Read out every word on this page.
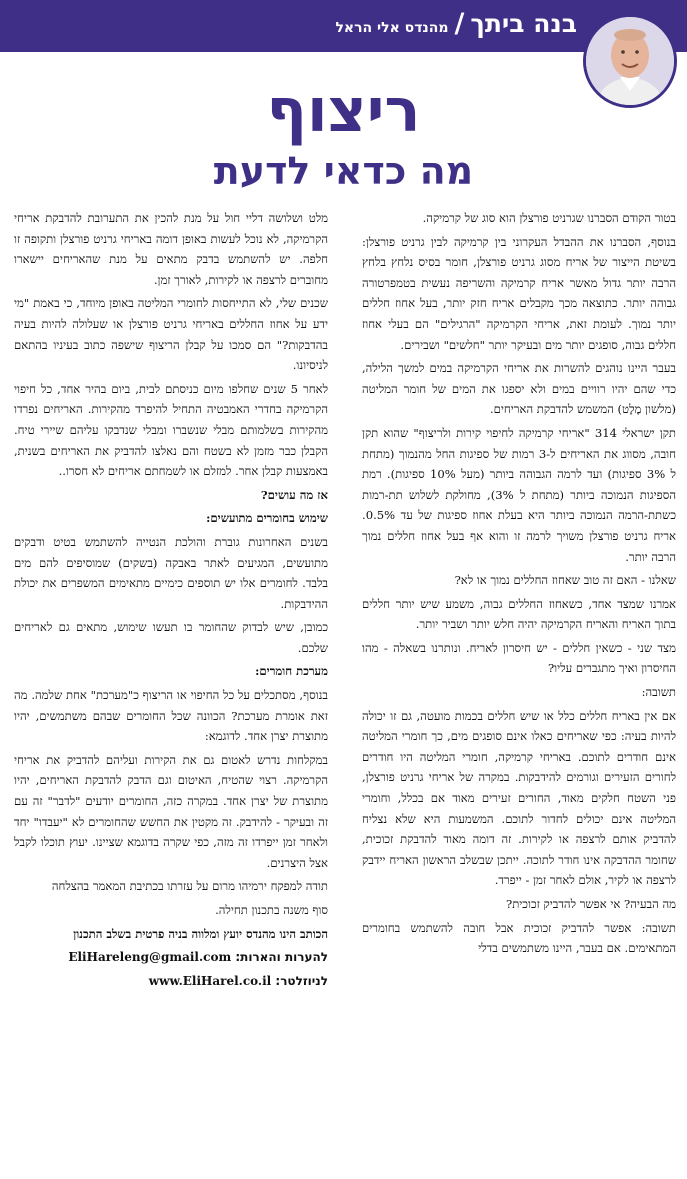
בנה ביתך/מהנדס אלי הראל
ריצוף
מה כדאי לדעת

בטור הקודם הסברנו שגרניט פורצלן הוא סוג של קרמיקה.

בנוסף, הסברנו את ההבדל העקרוני בין קרמיקה לבין גרניט פורצלן: בשיטת הייצור של אריח מסוג גרניט פורצלן, חומר בסיס נלחץ בלחץ הרבה יותר גדול מאשר אריח קרמיקה והשריפה נעשית בטמפרטורה גבוהה יותר. כתוצאה מכך מקבלים אריח חזק יותר, בעל אחוז חללים יותר נמוך. לעומת זאת, אריחי הקרמיקה "הרגילים" הם בעלי אחוז חללים גבוה, סופגים יותר מים ובעיקר יותר "חלשים" ושבירים.

בעבר היינו נוהגים להשרות את אריחי הקרמיקה במים למשך הלילה, כדי שהם יהיו רוויים במים ולא יספגו את המים של חומר המליטה (מלשון מֶלֶט) המשמש להדבקת האריחים.

תקן ישראלי 314 "אריחי קרמיקה לחיפוי קירות ולריצוף" שהוא תקן חובה, מסווג את האריחים ל-3 רמות של ספיגות החל מהנמוך (מתחת ל 3% ספיגות) ועד לרמה הגבוהה ביותר (מעל 10% ספיגות). רמת הספיגות הנמוכה ביותר (מתחת ל 3%), מחולקת לשלוש תת-רמות כשתת-הרמה הנמוכה ביותר היא בעלת אחוז ספיגות של עד 0.5%. אריח גרניט פורצלן משויך לרמה זו והוא אף בעל אחוז חללים נמוך הרבה יותר.

שאלנו - האם זה טוב שאחוז החללים נמוך או לא?

אמרנו שמצד אחד, כשאחוז החללים גבוה, משמע שיש יותר חללים בתוך האריח והאריח הקרמיקה יהיה חלש יותר ושביר יותר.

מצד שני - כשאין חללים - יש חיסרון לאריח. ונותרנו בשאלה - מהו החיסרון ואיך מתגברים עליו?

תשובה:

אם אין באריח חללים כלל או שיש חללים בכמות מועטה, גם זו יכולה להיות בעיה: כפי שאריחים כאלו אינם סופגים מים, כך חומרי המליטה אינם חודרים לתוכם. באריחי קרמיקה, חומרי המליטה היו חודרים לחורים הזעירים וגורמים להידבקות. במקרה של אריחי גרניט פורצלן, פני השטח חלקים מאוד, החורים זעירים מאוד אם בכלל, וחומרי המליטה אינם יכולים לחדור לתוכם. המשמעות היא שלא נצליח להדביק אותם לרצפה או לקירות. זה דומה מאוד להדבקת זכוכית, שחומר ההדבקה אינו חודר לתוכה. ייתכן שבשלב הראשון האריח יידבק לרצפה או לקיר, אולם לאחר זמן - ייפרד.

מה הבעיה? אי אפשר להדביק זכוכית?

תשובה: אפשר להדביק זכוכית אבל חובה להשתמש בחומרים המתאימים. אם בעבר, היינו משתמשים בדלי

מלט ושלושה דליי חול על מנת להכין את התערובת להדבקת אריחי הקרמיקה, לא נוכל לעשות באופן דומה באריחי גרניט פורצלן ותקופה זו חלפה. יש להשתמש בדבק מתאים על מנת שהאריחים יישארו מחוברים לרצפה או לקירות, לאורך זמן.

שכנים שלי, לא התייחסות לחומרי המליטה באופן מיוחד, כי באמת "מי ידע על אחוז החללים באריחי גרניט פורצלן או שעלולה להיות בעיה בהדבקות?" הם סמכו על קבלן הריצוף שישפה כתוב בעיניו בהתאם לניסיונו.

לאחר 5 שנים שחלפו מיום כניסתם לבית, ביום בהיר אחד, כל חיפוי הקרמיקה בחדרי האמבטיה התחיל להיפרד מהקירות. האריחים נפרדו מהקירות בשלמותם מבלי שנשברו ומבלי שנדבקו עליהם שיירי טיח. הקבלן כבר מזמן לא בשטח והם נאלצו להדביק את האריחים בשנית, באמצעות קבלן אחר. למזלם או לשמחתם אריחים לא חסרו..

אז מה עושים?

שימוש בחומרים מתועשים:

בשנים האחרונות גוברת והולכת הנטייה להשתמש בטיט ודבקים מתועשים, המגיעים לאתר באבקה (בשקים) שמוסיפים להם מים בלבד. לחומרים אלו יש תוספים כימיים מתאימים המשפרים את יכולת ההידבקות.

כמובן, שיש לבדוק שהחומר בו תעשו שימוש, מתאים גם לאריחים שלכם.

מערכת חומרים:

בנוסף, מסתכלים על כל החיפוי או הריצוף כ"מערכת" אחת שלמה. מה זאת אומרת מערכת? הכוונה שכל החומרים שבהם משתמשים, יהיו מתוצרת יצרן אחד. לדוגמא:

במקלחות נדרש לאטום גם את הקירות ועליהם להדביק את אריחי הקרמיקה. רצוי שהטיח, האיטום וגם הדבק להדבקת האריחים, יהיו מתוצרת של יצרן אחד. במקרה כזה, החומרים יודעים "לדבר" זה עם זה ובעיקר - להידבק. זה מקטין את החשש שהחומרים לא "יעבדו" יחד ולאחר זמן ייפרדו זה מזה, כפי שקרה בדוגמא שציינו. יעוץ תוכלו לקבל אצל היצרנים.

תודה למפקח ירמיהו מרום על עזרתו בכתיבת המאמר בהצלחה

סוף משנה בתכנון תחילה.

הכותב הינו מהנדס יועץ ומלווה בניה פרטית בשלב התכנון

להערות והארות: EliHareleng@gmail.com

לניוזלטר: www.EliHarel.co.il
